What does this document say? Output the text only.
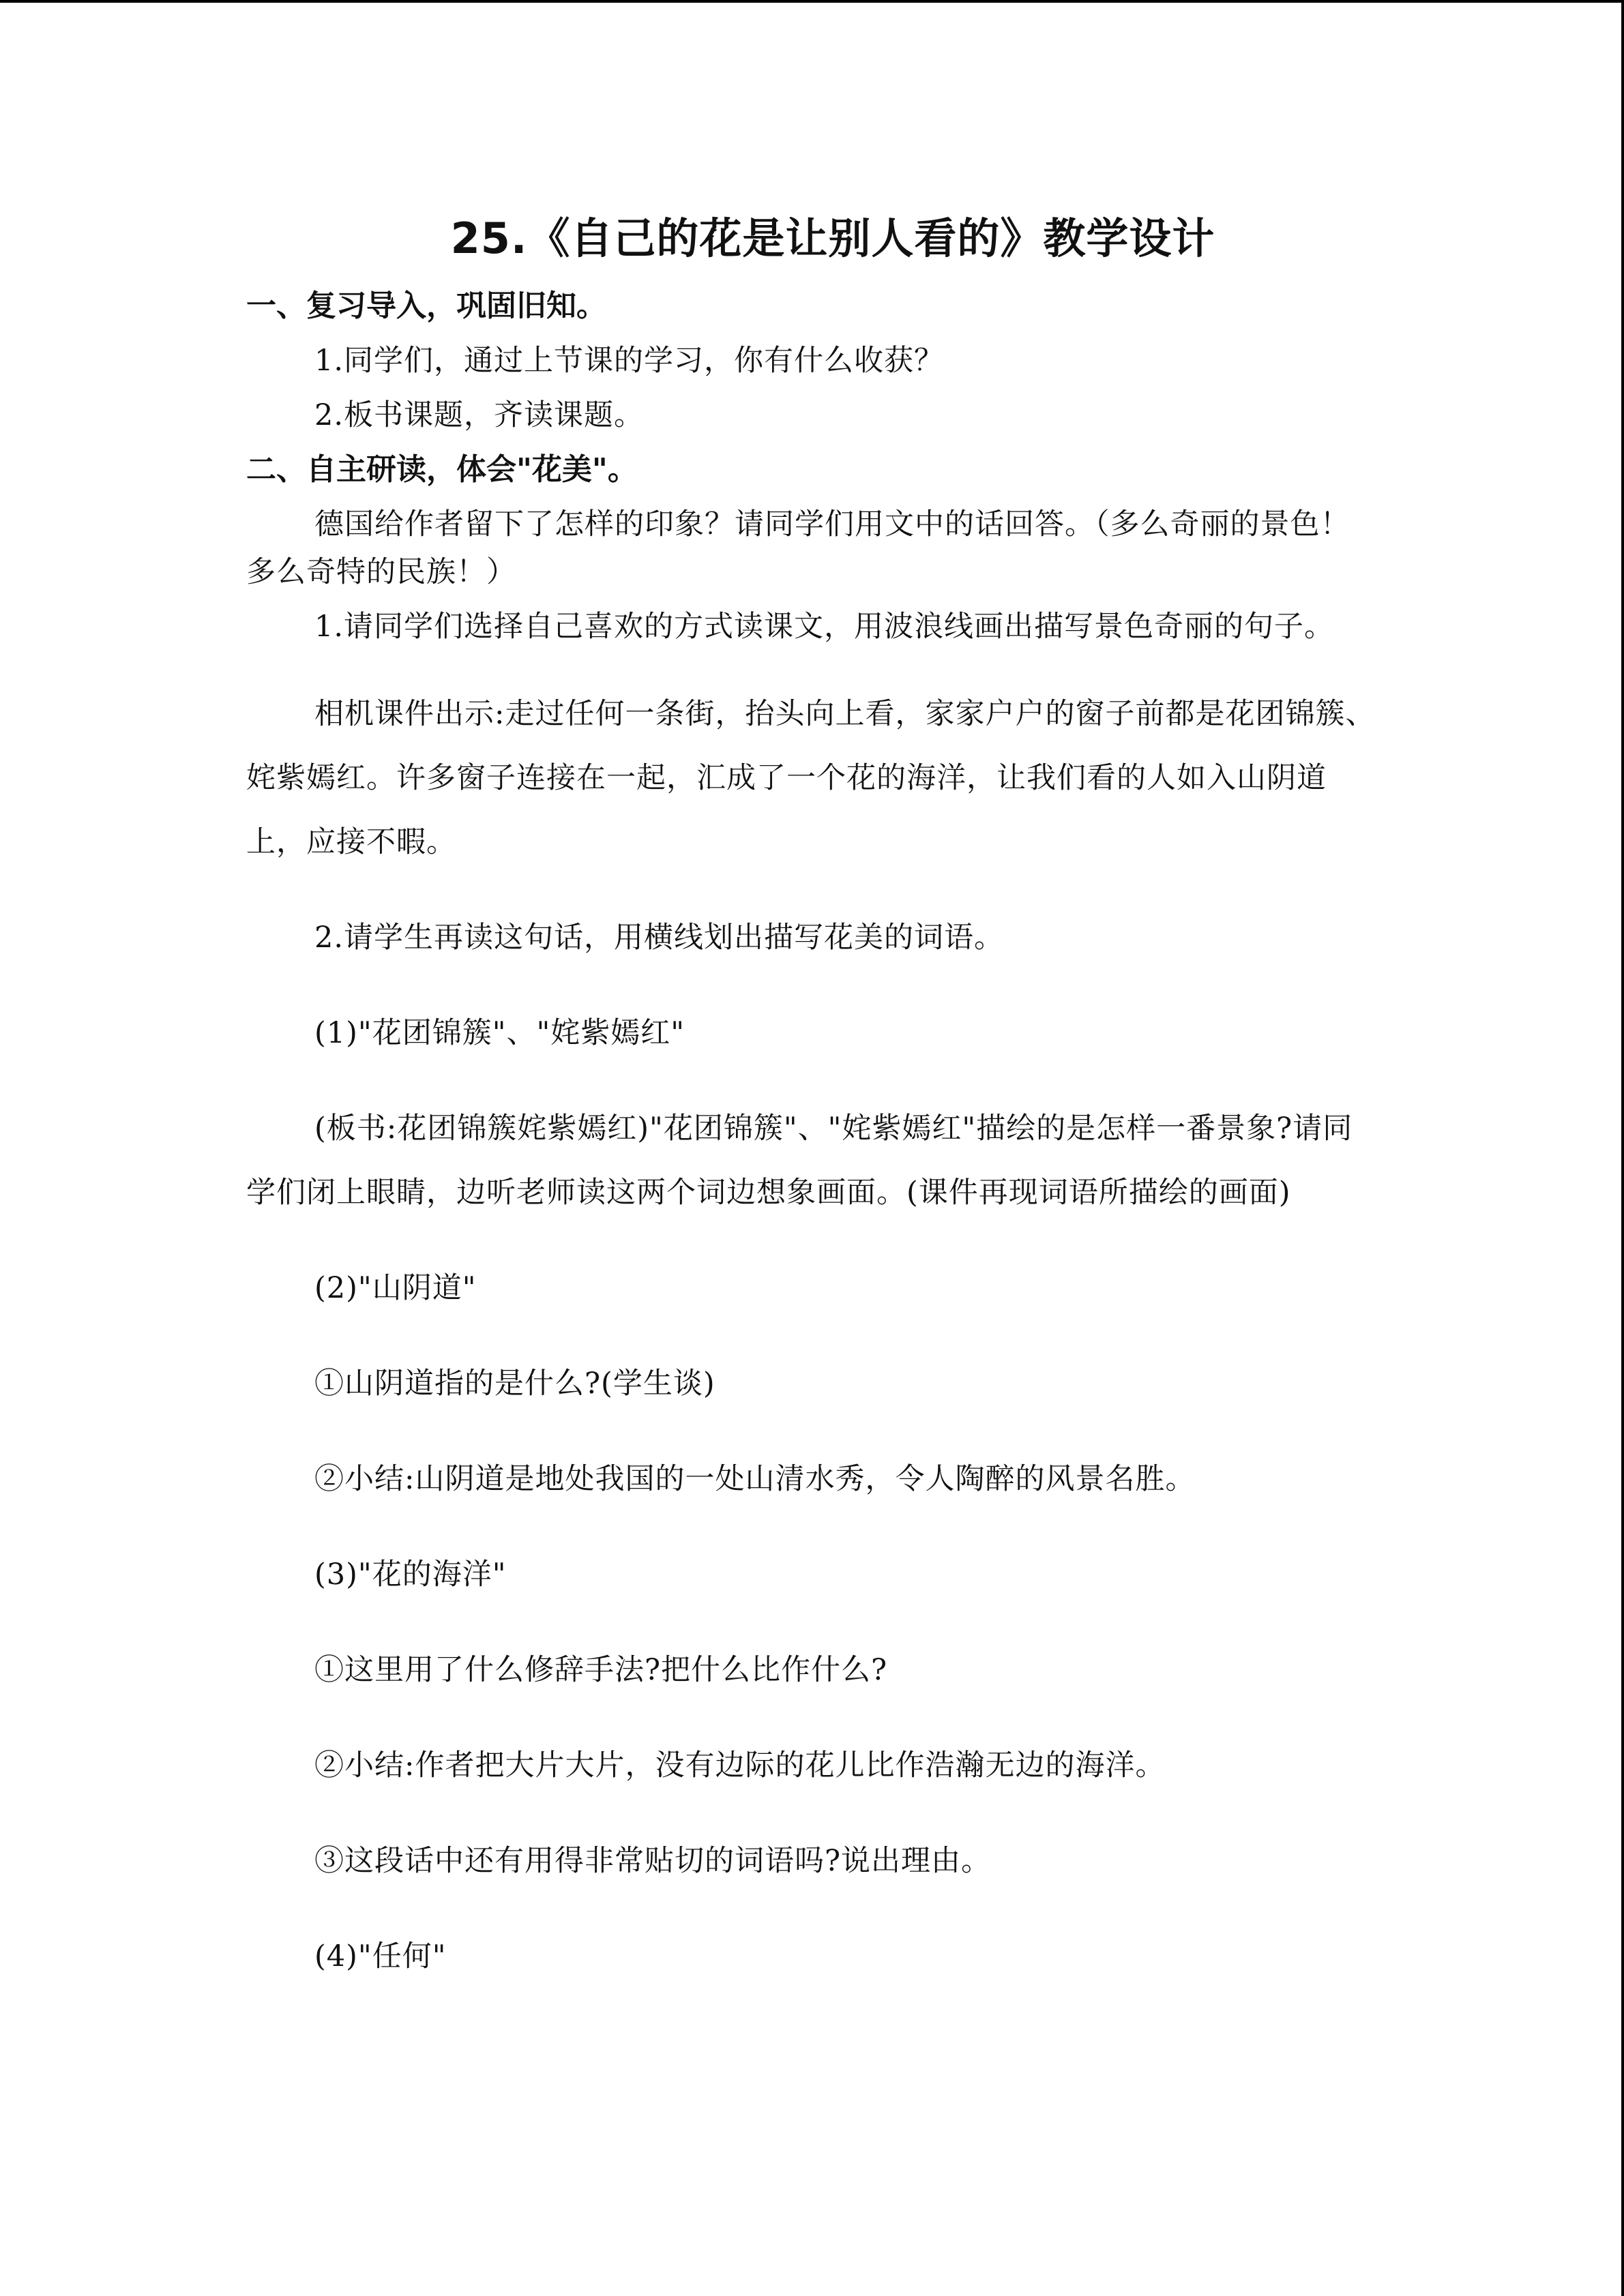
25.《自己的花是让别人看的》教学设计
一、复习导入，巩固旧知。

1.同学们，通过上节课的学习，你有什么收获？

2.板书课题，齐读课题。

二、自主研读，体会"花美"。

德国给作者留下了怎样的印象？请同学们用文中的话回答。（多么奇丽的景色！多么奇特的民族！）

1.请同学们选择自己喜欢的方式读课文，用波浪线画出描写景色奇丽的句子。

相机课件出示:走过任何一条街，抬头向上看，家家户户的窗子前都是花团锦簇、姹紫嫣红。许多窗子连接在一起，汇成了一个花的海洋，让我们看的人如入山阴道上，应接不暇。

2.请学生再读这句话，用横线划出描写花美的词语。

(1)"花团锦簇"、"姹紫嫣红"

(板书:花团锦簇姹紫嫣红)"花团锦簇"、"姹紫嫣红"描绘的是怎样一番景象?请同学们闭上眼睛，边听老师读这两个词边想象画面。(课件再现词语所描绘的画面)

(2)"山阴道"

①山阴道指的是什么?(学生谈)

②小结:山阴道是地处我国的一处山清水秀，令人陶醉的风景名胜。

(3)"花的海洋"

①这里用了什么修辞手法?把什么比作什么?

②小结:作者把大片大片，没有边际的花儿比作浩瀚无边的海洋。

③这段话中还有用得非常贴切的词语吗?说出理由。

(4)"任何"
